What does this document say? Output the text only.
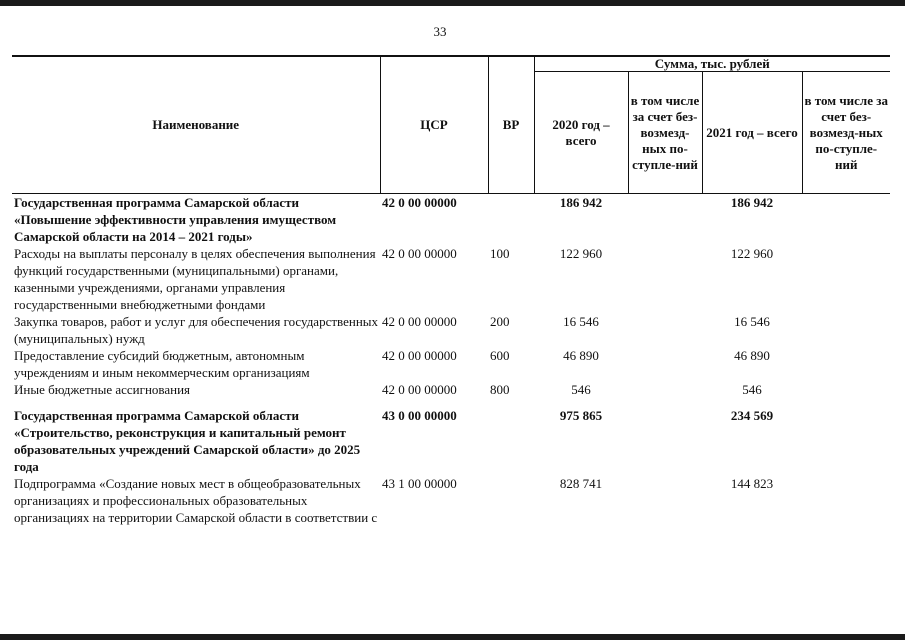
33
Наименование	ЦСР	ВР	Сумма, тыс. рублей			
			2020 год – всего	в том числе за счет без-возмезд-ных по-ступле-ний	2021 год – всего	в том числе за счет без-возмезд-ных по-ступле-ний
Государственная программа Самарской области «Повышение эффективности управления имуществом Самарской области на 2014 – 2021 годы»	42 0 00 00000		186 942		186 942	
Расходы на выплаты персоналу в целях обеспечения выполнения функций государственными (муниципальными) органами, казенными учреждениями, органами управления государственными внебюджетными фондами	42 0 00 00000	100	122 960		122 960	
Закупка товаров, работ и услуг для обеспечения государственных (муниципальных) нужд	42 0 00 00000	200	16 546		16 546	
Предоставление субсидий бюджетным, автономным учреждениям и иным некоммерческим организациям	42 0 00 00000	600	46 890		46 890	
Иные бюджетные ассигнования	42 0 00 00000	800	546		546	
Государственная программа Самарской области «Строительство, реконструкция и капитальный ремонт образовательных учреждений Самарской области» до 2025 года	43 0 00 00000		975 865		234 569	
Подпрограмма «Создание новых мест в общеобразовательных организациях и профессиональных образовательных организациях на территории Самарской области в соответствии с	43 1 00 00000		828 741		144 823	
